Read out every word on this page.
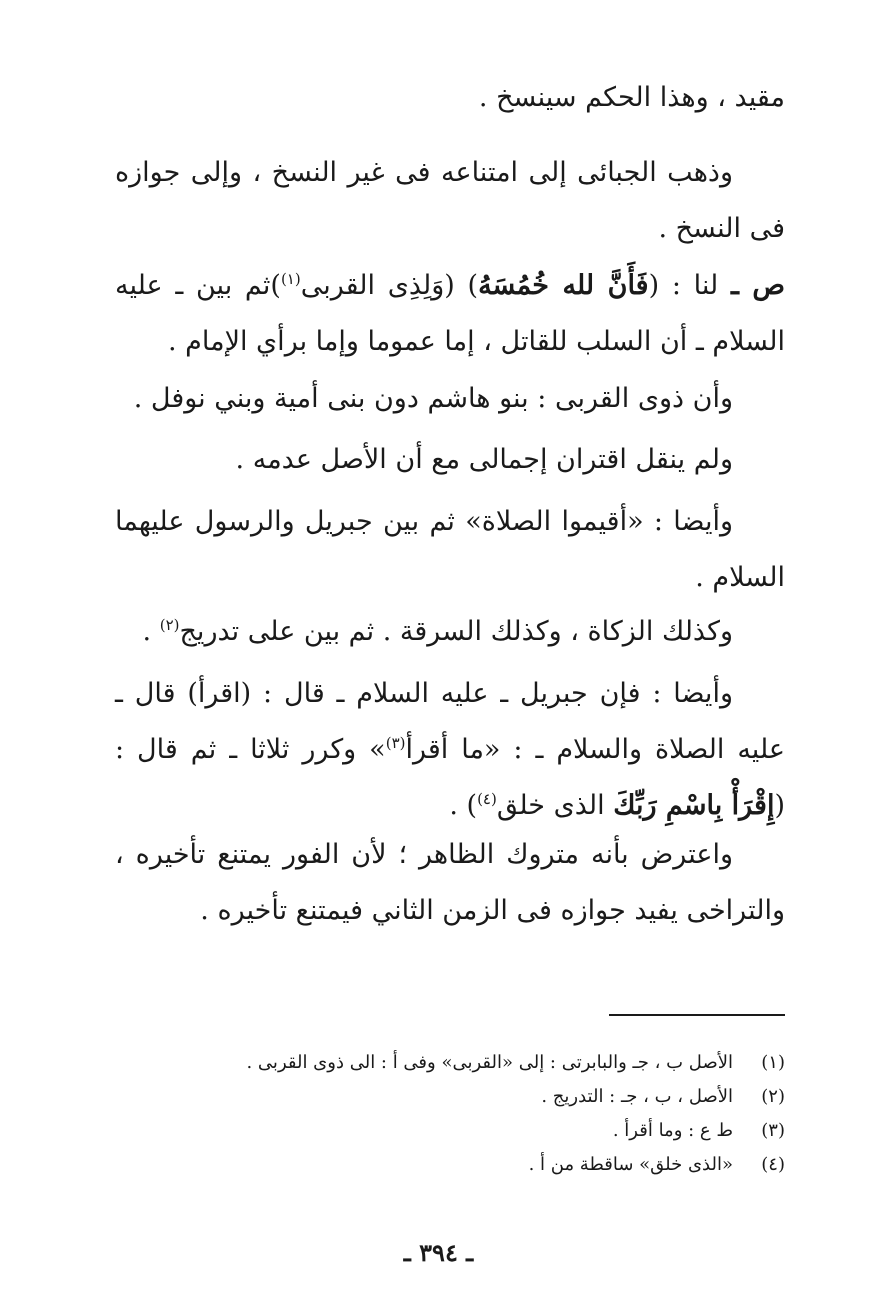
مقيد ، وهذا الحكم سينسخ .

وذهب الجبائى إلى امتناعه فى غير النسخ ، وإلى جوازه فى النسخ .

ص ـ لنا : (فَأَنَّ لله خُمُسَهُ) (وَلِذِى القربى$^{(١)}$)ثم بين ـ عليه السلام ـ أن السلب للقاتل ، إما عموما وإما برأي الإمام .

وأن ذوى القربى : بنو هاشم دون بنى أمية وبني نوفل .

ولم ينقل اقتران إجمالى مع أن الأصل عدمه .

وأيضا : «أقيموا الصلاة» ثم بين جبريل والرسول عليهما السلام .

وكذلك الزكاة ، وكذلك السرقة . ثم بين على تدريج$^{(٢)}$ .

وأيضا : فإن جبريل ـ عليه السلام ـ قال : (اقرأ) قال ـ عليه الصلاة والسلام ـ : «ما أقرأ$^{(٣)}$» وكرر ثلاثا ـ ثم قال : (إِقْرَأْ بِاسْمِ رَبِّكَ الذى خلق$^{(٤)}$) .

واعترض بأنه متروك الظاهر ؛ لأن الفور يمتنع تأخيره ، والتراخى يفيد جوازه فى الزمن الثاني فيمتنع تأخيره .

(١)
الأصل ب ، جـ والبابرتى : إلى «القربى» وفى أ : الى ذوى القربى .
(٢)
الأصل ، ب ، جـ : التدريج .
(٣)
ط ع : وما أقرأ .
(٤)
«الذى خلق» ساقطة من أ .
ـ ٣٩٤ ـ
